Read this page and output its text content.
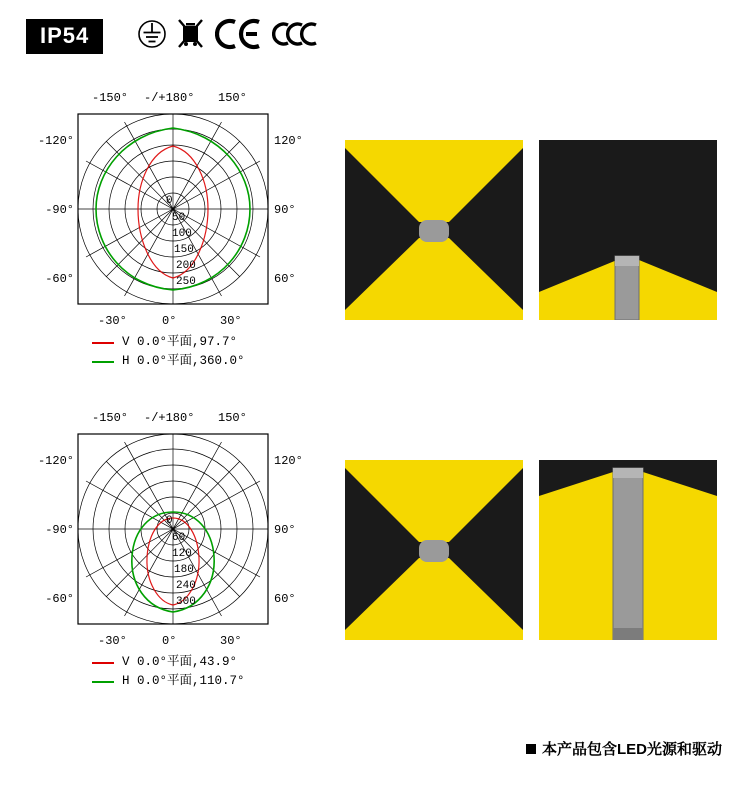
IP54
0
50
100
150
200
250
-150° -/+180° 150°
-120°
-90°
-60°
120°
90°
60°
-30°	0°	30°
V 0.0°平面,97.7°
H 0.0°平面,360.0°
0
60
120
180
240
300
-150° -/+180° 150°
-120°
-90°
-60°
120°
90°
60°
-30°	0°	30°
V 0.0°平面,43.9°
H 0.0°平面,110.7°
本产品包含LED光源和驱动
